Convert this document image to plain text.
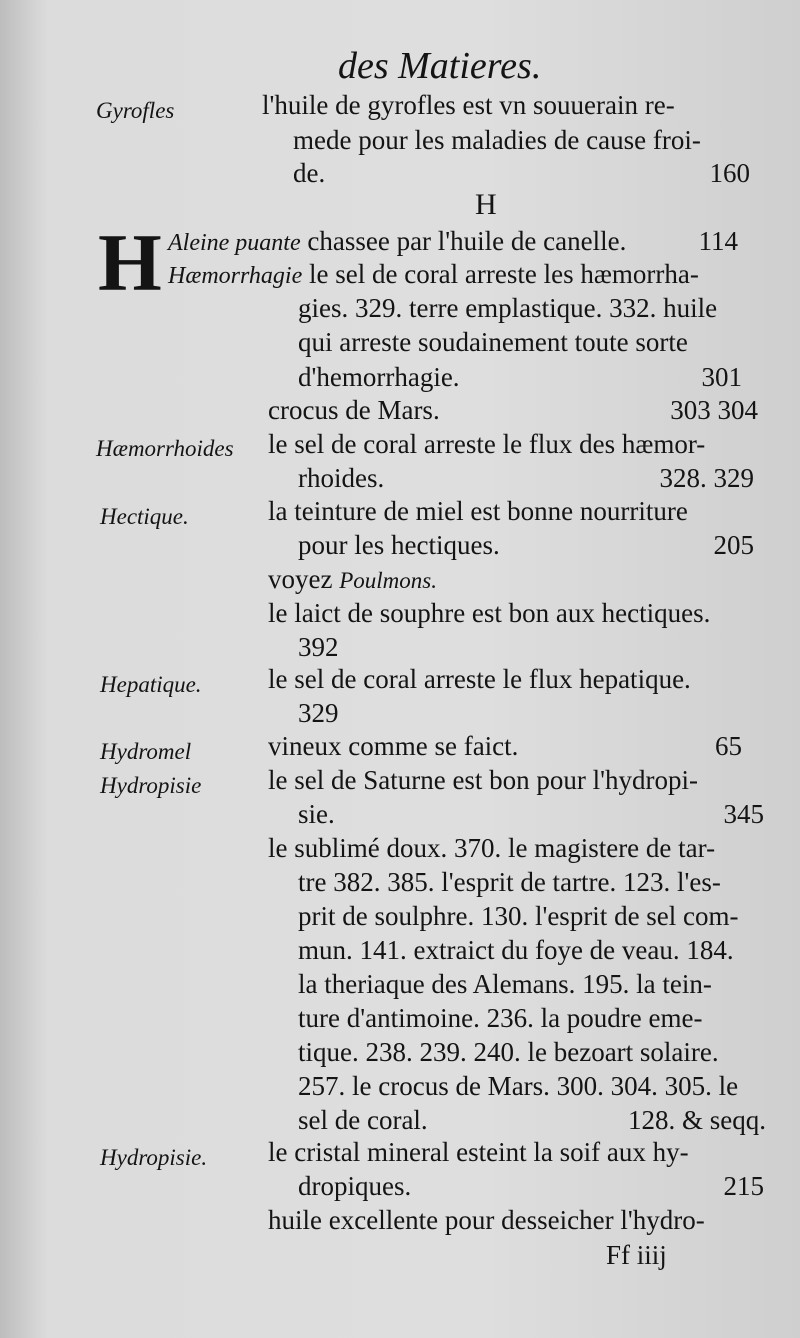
des Matieres.
Gyrofles	l'huile de gyrofles est vn souuerain re-
mede pour les maladies de cause froi-
de.	160
H
H Aleine puante chassee par l'huile de canelle.	114
Hæmorrhagie le sel de coral arreste les hæmorrha-
gies. 329. terre emplastique. 332. huile
qui arreste soudainement toute sorte
d'hemorrhagie.	301
crocus de Mars.	303 304
Hæmorrhoides le sel de coral arreste le flux des hæmor-
rhoides.	328. 329
Hectique.	la teinture de miel est bonne nourriture
pour les hectiques.	205
voyez Poulmons.
le laict de souphre est bon aux hectiques.
392
Hepatique. le sel de coral arreste le flux hepatique.
329
Hydromel	vineux comme se faict.	65
Hydropisie le sel de Saturne est bon pour l'hydropi-
sie.	345
le sublimé doux. 370. le magistere de tar-
tre 382. 385. l'esprit de tartre. 123. l'es-
prit de soulphre. 130. l'esprit de sel com-
mun. 141. extraict du foye de veau. 184.
la theriaque des Alemans. 195. la tein-
ture d'antimoine. 236. la poudre eme-
tique. 238. 239. 240. le bezoart solaire.
257. le crocus de Mars. 300. 304. 305. le
sel de coral.	128. & seqq.
Hydropisie. le cristal mineral esteint la soif aux hy-
dropiques.	215
huile excellente pour desseicher l'hydro-
Ff iiij
